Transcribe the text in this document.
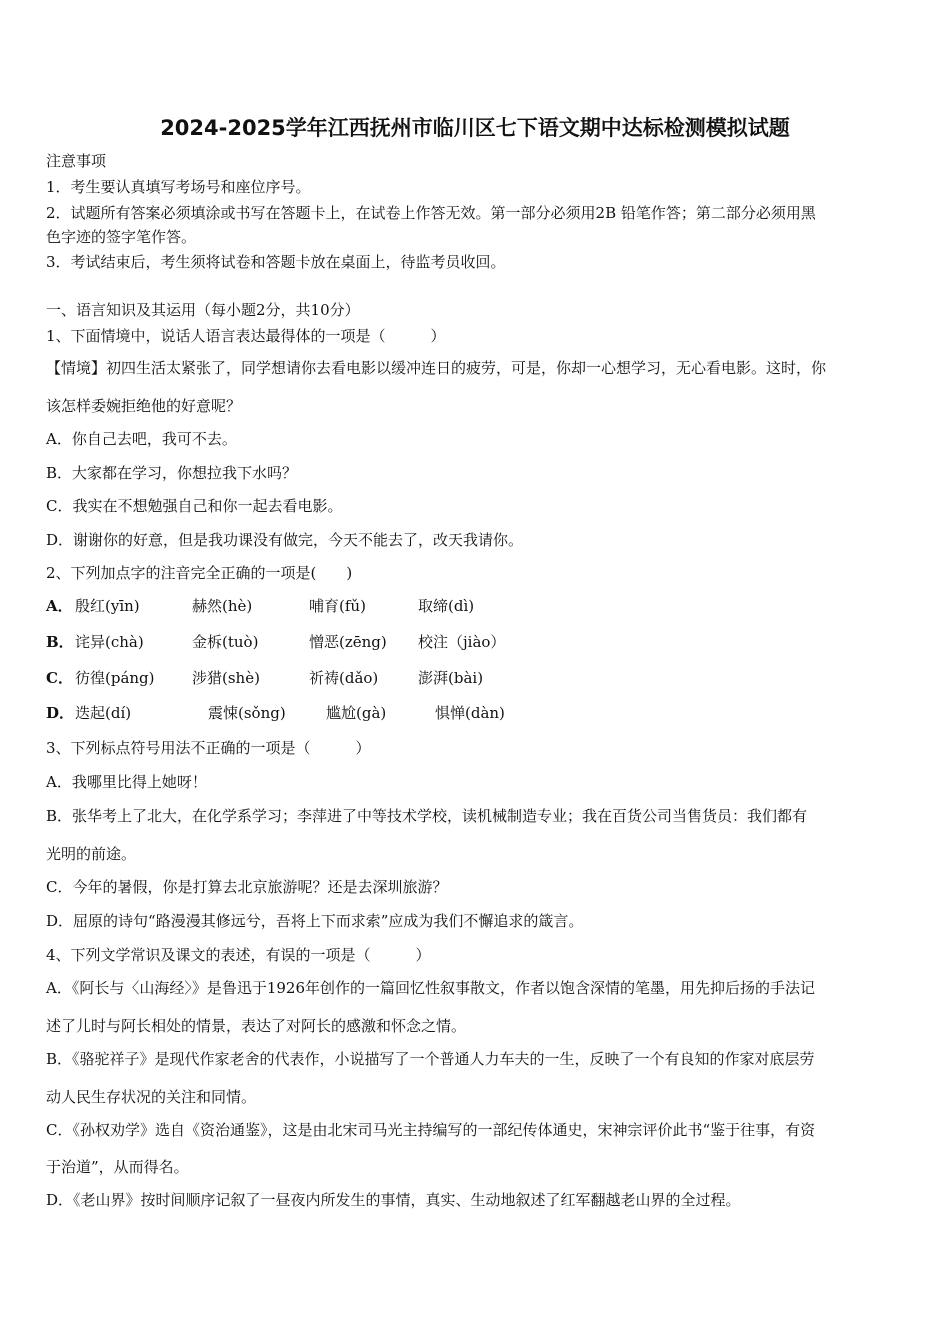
2024-2025学年江西抚州市临川区七下语文期中达标检测模拟试题
注意事项
1．考生要认真填写考场号和座位序号。
2．试题所有答案必须填涂或书写在答题卡上，在试卷上作答无效。第一部分必须用2B 铅笔作答；第二部分必须用黑
色字迹的签字笔作答。
3．考试结束后，考生须将试卷和答题卡放在桌面上，待监考员收回。
一、语言知识及其运用（每小题2分，共10分）
1、下面情境中，说话人语言表达最得体的一项是（　　　）
【情境】初四生活太紧张了，同学想请你去看电影以缓冲连日的疲劳，可是，你却一心想学习，无心看电影。这时，你
该怎样委婉拒绝他的好意呢？
A．你自己去吧，我可不去。
B．大家都在学习，你想拉我下水吗？
C．我实在不想勉强自己和你一起去看电影。
D．谢谢你的好意，但是我功课没有做完，今天不能去了，改天我请你。
2、下列加点字的注音完全正确的一项是(　　)
A． 殷红(yīn)	赫然(hè)	哺育(fǔ)	取缔(dì)
B． 诧异(chà)	金柝(tuò)	憎恶(zēng) 校注（jiào）
C． 彷徨(páng) 涉猎(shè)	祈祷(dǎo)	澎湃(bài)
D． 迭起(dí)	震悚(sǒng)	尴尬(gà)	惧惮(dàn)
3、下列标点符号用法不正确的一项是（　　　）
A．我哪里比得上她呀！
B．张华考上了北大，在化学系学习；李萍进了中等技术学校，读机械制造专业；我在百货公司当售货员：我们都有
光明的前途。
C．今年的暑假，你是打算去北京旅游呢？还是去深圳旅游？
D．屈原的诗句“路漫漫其修远兮，吾将上下而求索”应成为我们不懈追求的箴言。
4、下列文学常识及课文的表述，有误的一项是（　　　）
A．《阿长与〈山海经〉》是鲁迅于1926年创作的一篇回忆性叙事散文，作者以饱含深情的笔墨，用先抑后扬的手法记
述了儿时与阿长相处的情景，表达了对阿长的感激和怀念之情。
B．《骆驼祥子》是现代作家老舍的代表作，小说描写了一个普通人力车夫的一生，反映了一个有良知的作家对底层劳
动人民生存状况的关注和同情。
C．《孙权劝学》选自《资治通鉴》，这是由北宋司马光主持编写的一部纪传体通史，宋神宗评价此书“鉴于往事，有资
于治道”，从而得名。
D．《老山界》按时间顺序记叙了一昼夜内所发生的事情，真实、生动地叙述了红军翻越老山界的全过程。
